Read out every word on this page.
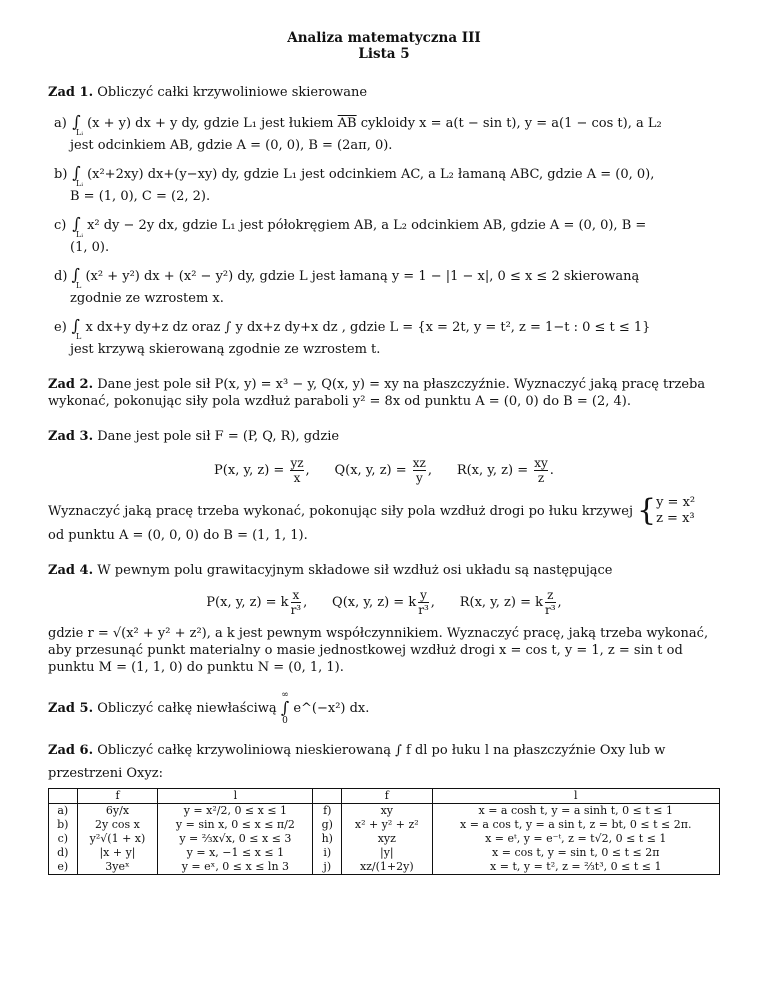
Analiza matematyczna III
Lista 5

Zad 1. Obliczyć całki krzywoliniowe skierowane

a) ∫
Lᵢ
(x + y) dx + y dy, gdzie L₁ jest łukiem $\overline{AB}$ cykloidy x = a(t − sin t), y = a(1 − cos t), a L₂
jest odcinkiem AB, gdzie A = (0, 0), B = (2aπ, 0).
b) ∫
Lᵢ
(x²+2xy) dx+(y−xy) dy, gdzie L₁ jest odcinkiem AC, a L₂ łamaną ABC, gdzie A = (0, 0),
B = (1, 0), C = (2, 2).
c) ∫
Lᵢ
x² dy − 2y dx, gdzie L₁ jest półokręgiem AB, a L₂ odcinkiem AB, gdzie A = (0, 0), B =
(1, 0).
d) ∫
L
(x² + y²) dx + (x² − y²) dy, gdzie L jest łamaną y = 1 − |1 − x|, 0 ≤ x ≤ 2 skierowaną
zgodnie ze wzrostem x.
e) ∫
L
x dx+y dy+z dz oraz ∫ y dx+z dy+x dz , gdzie L = {x = 2t, y = t², z = 1−t : 0 ≤ t ≤ 1}
jest krzywą skierowaną zgodnie ze wzrostem t.

Zad 2. Dane jest pole sił P(x, y) = x³ − y, Q(x, y) = xy na płaszczyźnie. Wyznaczyć jaką pracę trzeba wykonać, pokonując siły pola wzdłuż paraboli y² = 8x od punktu A = (0, 0) do B = (2, 4).

Zad 3. Dane jest pole sił F = (P, Q, R), gdzie

P(x, y, $z) = \frac{yz}{x}$ ,      Q(x, y, $z) = \frac{xz}{y}$ ,      R(x, y, $z) = \frac{xy}{z}$ .
Wyznaczyć jaką pracę trzeba wykonać, pokonując siły pola wzdłuż drogi po łuku krzywej { y = x²
z = x³

od punktu A = (0, 0, 0) do B = (1, 1, 1).

Zad 4. W pewnym polu grawitacyjnym składowe sił wzdłuż osi układu są następujące

P(x, y, z) = k $\frac{x}{\text{r³}}$ ,      Q(x, y, z) = k $\frac{y}{\text{r³}}$ ,      R(x, y, z) = k $\frac{z}{\text{r³}}$ ,

gdzie r = √(x² + y² + z²), a k jest pewnym współczynnikiem. Wyznaczyć pracę, jaką trzeba wykonać, aby przesunąć punkt materialny o masie jednostkowej wzdłuż drogi x = cos t, y = 1, z = sin t od punktu M = (1, 1, 0) do punktu N = (0, 1, 1).

Zad 5.
Obliczyć całkę niewłaściwą

∞
∫
0

e^(−x²) dx.

Zad 6. Obliczyć całkę krzywoliniową nieskierowaną ∫ f dl po łuku l na płaszczyźnie Oxy lub w

przestrzeni Oxyz:

	f	l		f	l
a)	6y/x	y = x²/2, 0 ≤ x ≤ 1	f)	xy	x = a cosh t, y = a sinh t, 0 ≤ t ≤ 1
b)	2y cos x	y = sin x, 0 ≤ x ≤ π/2	g)	x² + y² + z²	x = a cos t, y = a sin t, z = bt, 0 ≤ t ≤ 2π.
c)	y²√(1 + x)	y = ⅔x√x, 0 ≤ x ≤ 3	h)	xyz	x = eᵗ, y = e⁻ᵗ, z = t√2, 0 ≤ t ≤ 1
d)	|x + y|	y = x, −1 ≤ x ≤ 1	i)	|y|	x = cos t, y = sin t, 0 ≤ t ≤ 2π
e)	3yeˣ	y = eˣ, 0 ≤ x ≤ ln 3	j)	xz/(1+2y)	x = t, y = t², z = ⅔t³, 0 ≤ t ≤ 1
